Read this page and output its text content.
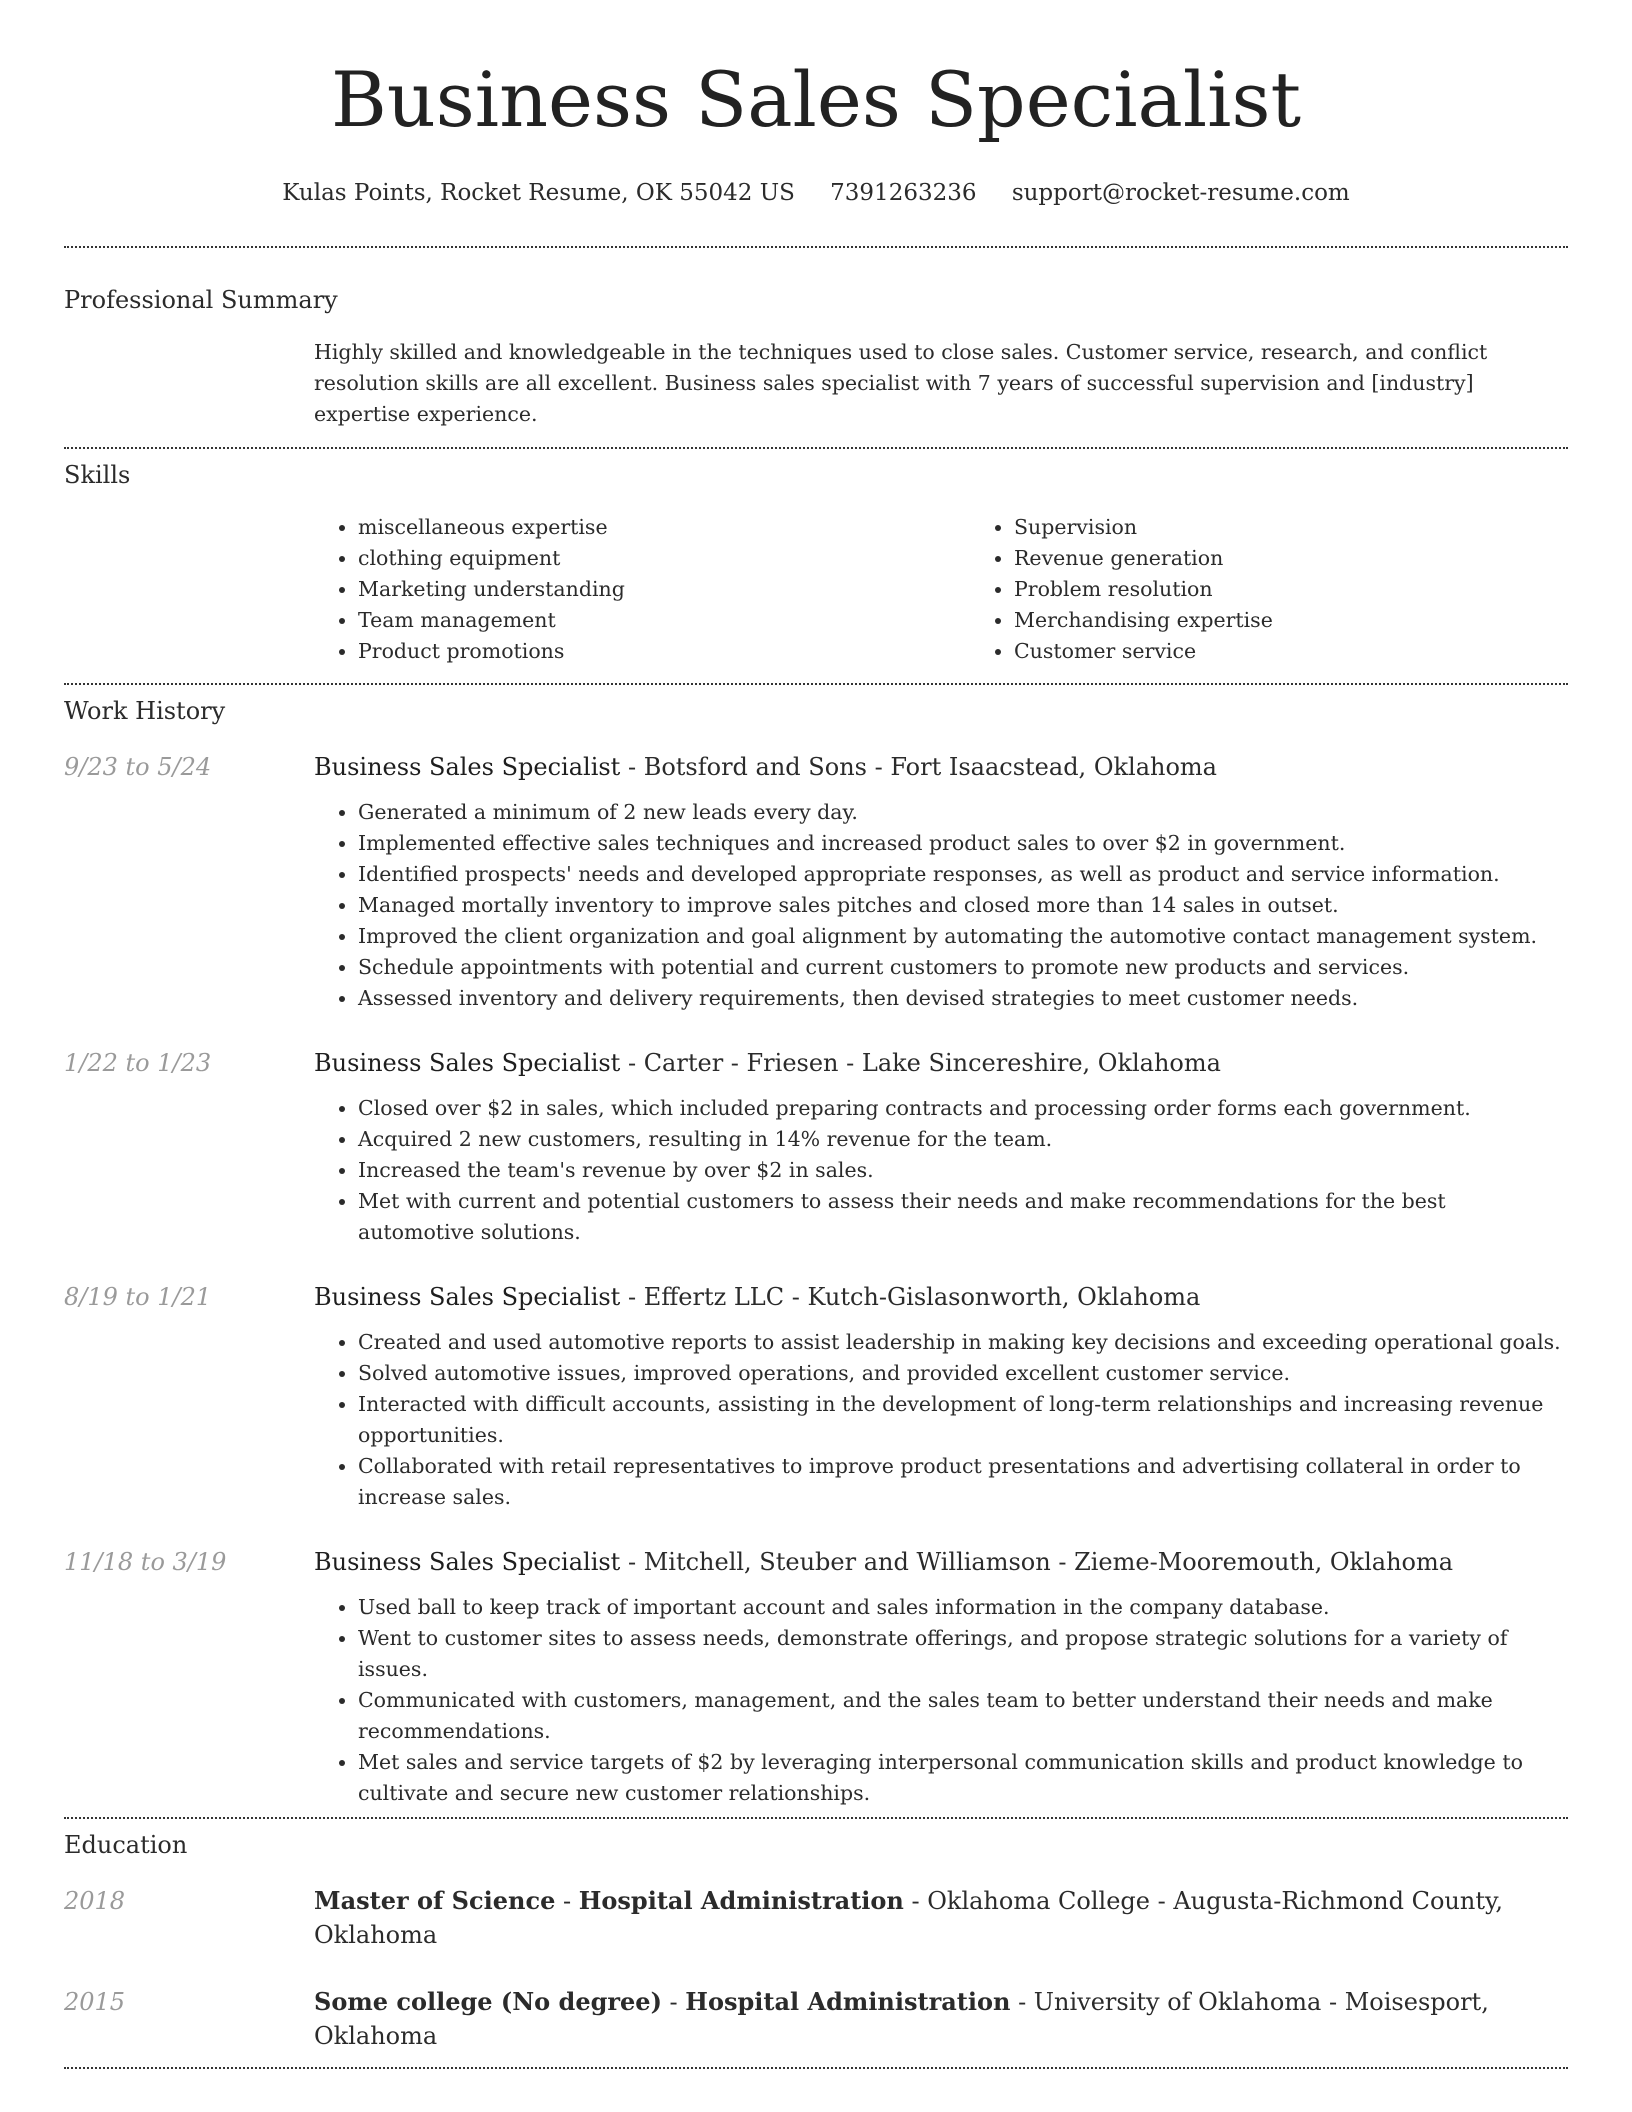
Business Sales Specialist
Kulas Points, Rocket Resume, OK 55042 US 7391263236 support@rocket-resume.com
Professional Summary

Highly skilled and knowledgeable in the techniques used to close sales. Customer service, research, and conflict resolution skills are all excellent. Business sales specialist with 7 years of successful supervision and [industry] expertise experience.

Skills
• miscellaneous expertise
• clothing equipment
• Marketing understanding
• Team management
• Product promotions
• Supervision
• Revenue generation
• Problem resolution
• Merchandising expertise
• Customer service
Work History
9/23 to 5/24	Business Sales Specialist - Botsford and Sons - Fort Isaacstead, Oklahoma
• Generated a minimum of 2 new leads every day.
• Implemented effective sales techniques and increased product sales to over $2 in government.
• Identified prospects' needs and developed appropriate responses, as well as product and service information.
• Managed mortally inventory to improve sales pitches and closed more than 14 sales in outset.
• Improved the client organization and goal alignment by automating the automotive contact management system.
• Schedule appointments with potential and current customers to promote new products and services.
• Assessed inventory and delivery requirements, then devised strategies to meet customer needs.
1/22 to 1/23	Business Sales Specialist - Carter - Friesen - Lake Sincereshire, Oklahoma
• Closed over $2 in sales, which included preparing contracts and processing order forms each government.
• Acquired 2 new customers, resulting in 14% revenue for the team.
• Increased the team's revenue by over $2 in sales.
• Met with current and potential customers to assess their needs and make recommendations for the best automotive solutions.
8/19 to 1/21	Business Sales Specialist - Effertz LLC - Kutch-Gislasonworth, Oklahoma
• Created and used automotive reports to assist leadership in making key decisions and exceeding operational goals.
• Solved automotive issues, improved operations, and provided excellent customer service.
• Interacted with difficult accounts, assisting in the development of long-term relationships and increasing revenue opportunities.
• Collaborated with retail representatives to improve product presentations and advertising collateral in order to increase sales.
11/18 to 3/19	Business Sales Specialist - Mitchell, Steuber and Williamson - Zieme-Mooremouth, Oklahoma
• Used ball to keep track of important account and sales information in the company database.
• Went to customer sites to assess needs, demonstrate offerings, and propose strategic solutions for a variety of issues.
• Communicated with customers, management, and the sales team to better understand their needs and make recommendations.
• Met sales and service targets of $2 by leveraging interpersonal communication skills and product knowledge to cultivate and secure new customer relationships.
Education
2018	Master of Science - Hospital Administration - Oklahoma College - Augusta-Richmond County, Oklahoma
2015	Some college (No degree) - Hospital Administration - University of Oklahoma - Moisesport, Oklahoma
